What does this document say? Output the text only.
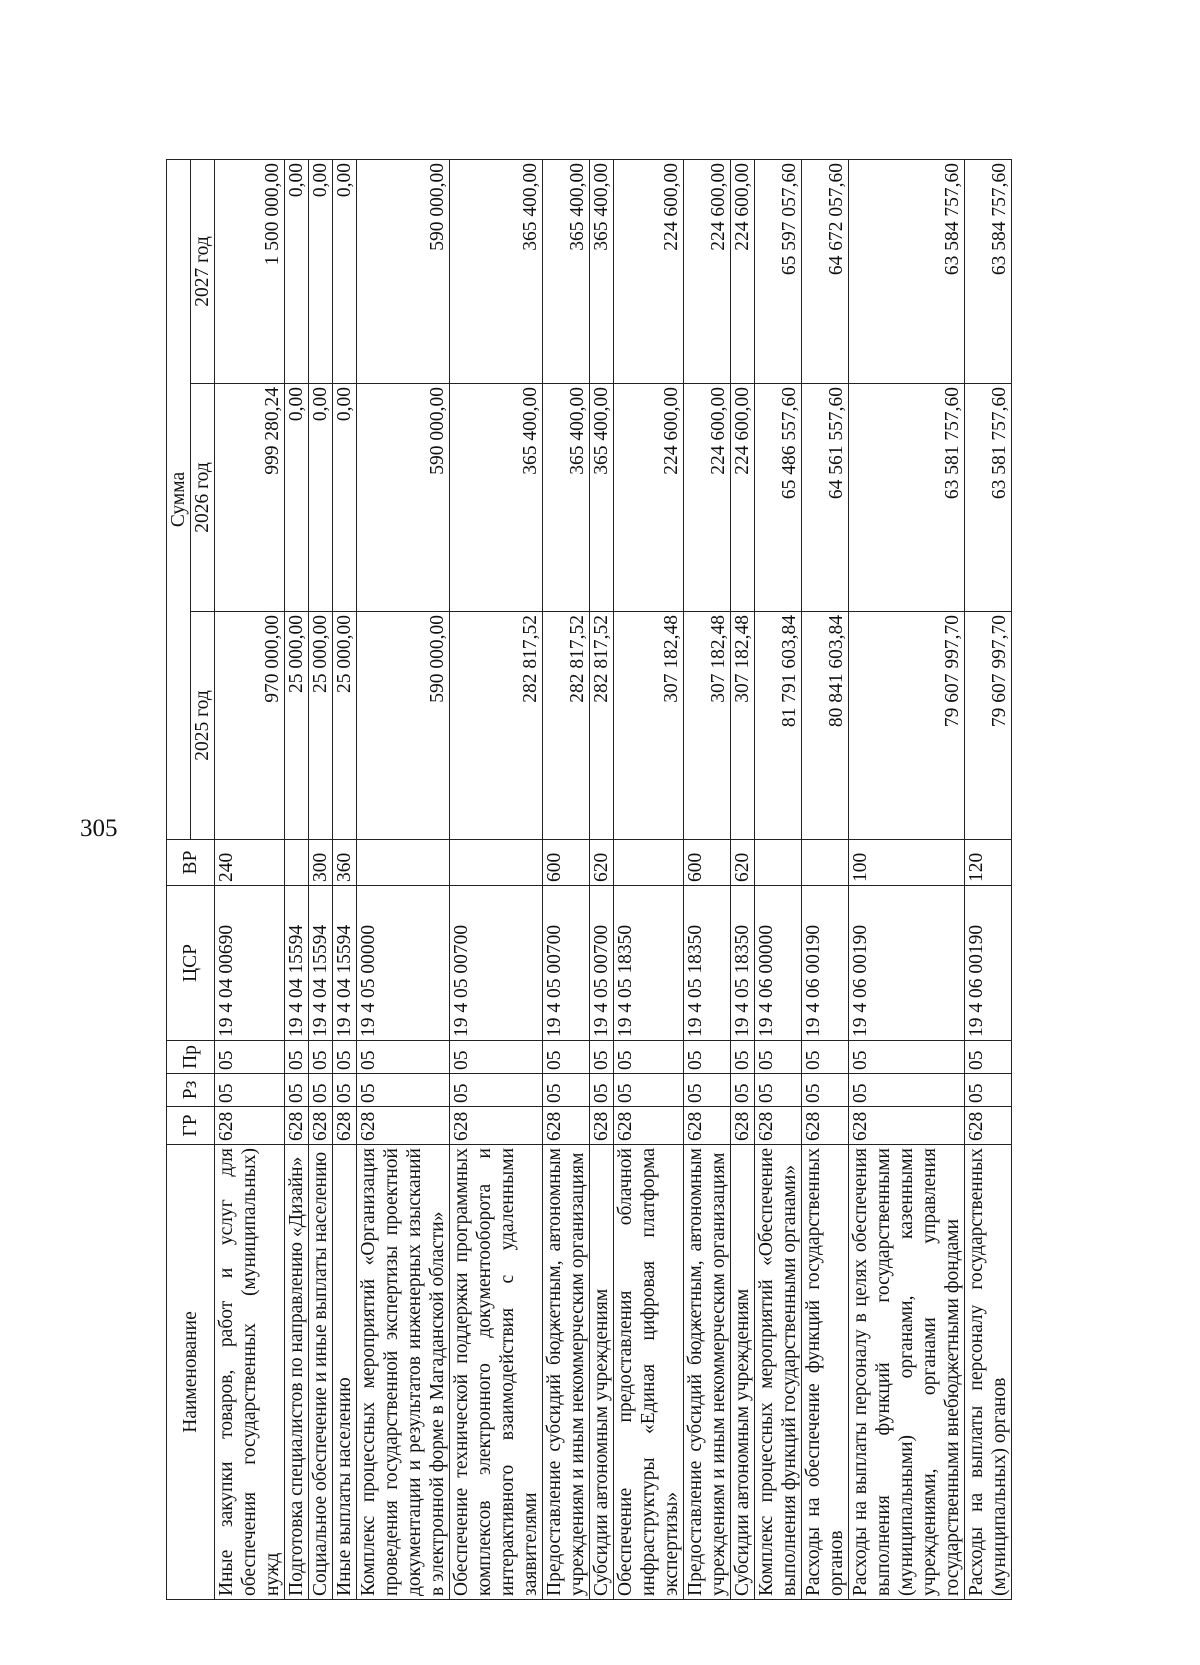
305
Наименование	ГР	Рз	Пр	ЦСР	ВР	Сумма		
						2025 год	2026 год	2027 год
Иные закупки товаров, работ и услуг для обеспечения государственных (муниципальных) нужд	628	05	05	19 4 04 00690	240	970 000,00	999 280,24	1 500 000,00
Подготовка специалистов по направлению «Дизайн»	628	05	05	19 4 04 15594		25 000,00	0,00	0,00
Социальное обеспечение и иные выплаты населению	628	05	05	19 4 04 15594	300	25 000,00	0,00	0,00
Иные выплаты населению	628	05	05	19 4 04 15594	360	25 000,00	0,00	0,00
Комплекс процессных мероприятий «Организация проведения государственной экспертизы проектной документации и результатов инженерных изысканий в электронной форме в Магаданской области»	628	05	05	19 4 05 00000		590 000,00	590 000,00	590 000,00
Обеспечение технической поддержки программных комплексов электронного документооборота и интерактивного взаимодействия с удаленными заявителями	628	05	05	19 4 05 00700		282 817,52	365 400,00	365 400,00
Предоставление субсидий бюджетным, автономным учреждениям и иным некоммерческим организациям	628	05	05	19 4 05 00700	600	282 817,52	365 400,00	365 400,00
Субсидии автономным учреждениям	628	05	05	19 4 05 00700	620	282 817,52	365 400,00	365 400,00
Обеспечение предоставления облачной инфраструктуры «Единая цифровая платформа экспертизы»	628	05	05	19 4 05 18350		307 182,48	224 600,00	224 600,00
Предоставление субсидий бюджетным, автономным учреждениям и иным некоммерческим организациям	628	05	05	19 4 05 18350	600	307 182,48	224 600,00	224 600,00
Субсидии автономным учреждениям	628	05	05	19 4 05 18350	620	307 182,48	224 600,00	224 600,00
Комплекс процессных мероприятий «Обеспечение выполнения функций государственными органами»	628	05	05	19 4 06 00000		81 791 603,84	65 486 557,60	65 597 057,60
Расходы на обеспечение функций государственных органов	628	05	05	19 4 06 00190		80 841 603,84	64 561 557,60	64 672 057,60
Расходы на выплаты персоналу в целях обеспечения выполнения функций государственными (муниципальными) органами, казенными учреждениями, органами управления государственными внебюджетными фондами	628	05	05	19 4 06 00190	100	79 607 997,70	63 581 757,60	63 584 757,60
Расходы на выплаты персоналу государственных (муниципальных) органов	628	05	05	19 4 06 00190	120	79 607 997,70	63 581 757,60	63 584 757,60
